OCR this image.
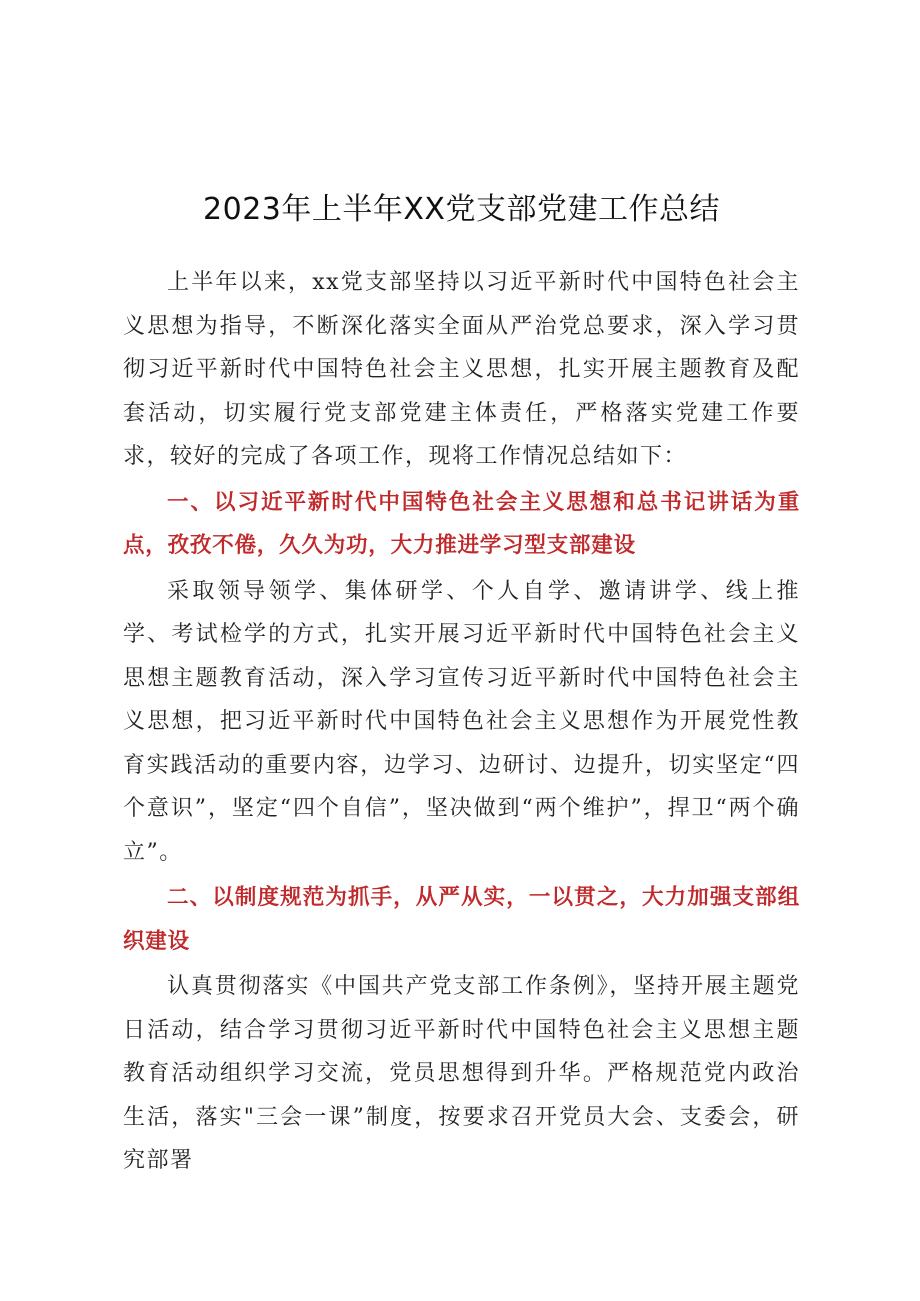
2023年上半年XX党支部党建工作总结

上半年以来，xx党支部坚持以习近平新时代中国特色社会主义思想为指导，不断深化落实全面从严治党总要求，深入学习贯彻习近平新时代中国特色社会主义思想，扎实开展主题教育及配套活动，切实履行党支部党建主体责任，严格落实党建工作要求，较好的完成了各项工作，现将工作情况总结如下：

一、以习近平新时代中国特色社会主义思想和总书记讲话为重点，孜孜不倦，久久为功，大力推进学习型支部建设

采取领导领学、集体研学、个人自学、邀请讲学、线上推学、考试检学的方式，扎实开展习近平新时代中国特色社会主义思想主题教育活动，深入学习宣传习近平新时代中国特色社会主义思想，把习近平新时代中国特色社会主义思想作为开展党性教育实践活动的重要内容，边学习、边研讨、边提升，切实坚定“四个意识”，坚定“四个自信”，坚决做到“两个维护”，捍卫“两个确立”。

二、以制度规范为抓手，从严从实，一以贯之，大力加强支部组织建设

认真贯彻落实《中国共产党支部工作条例》，坚持开展主题党日活动，结合学习贯彻习近平新时代中国特色社会主义思想主题教育活动组织学习交流，党员思想得到升华。严格规范党内政治生活，落实"三会一课”制度，按要求召开党员大会、支委会，研究部署
